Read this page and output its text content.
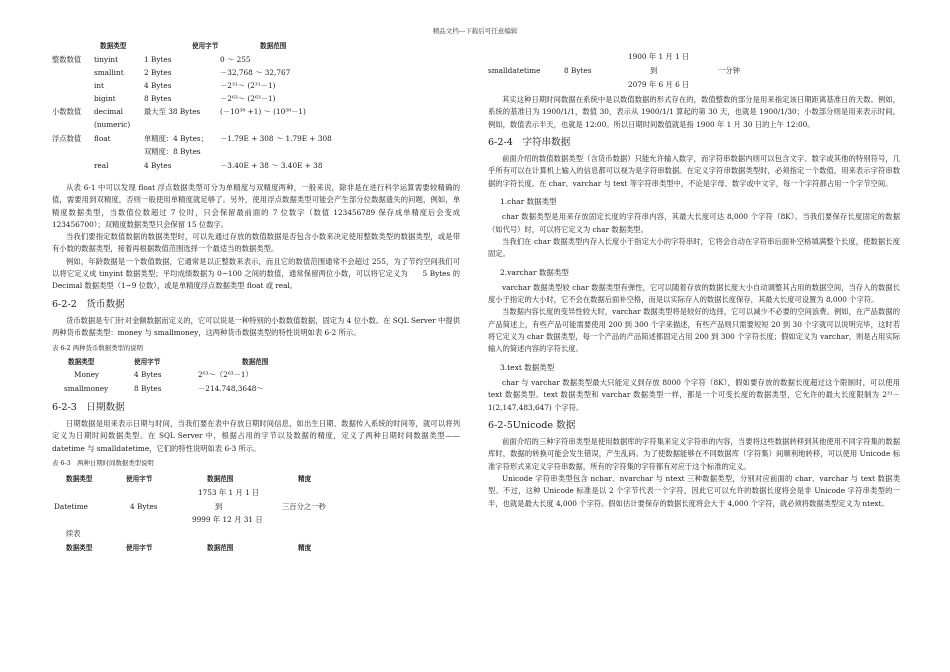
精品文档---下载后可任意编辑
数据类型	使用字节	数据范围
整数数值 tinyint	1 Bytes	0 ～ 255
smallint	2 Bytes	－32,768 ～ 32,767
int	4 Bytes	－2³¹～ (2³¹－1)
bigint	8 Bytes	－2⁶³～ (2⁶³－1)
小数数值 decimal	最大至 38 Bytes	(－10³⁸ +1) ～ (10³⁸－1)
(numeric)
浮点数值 float	单精度：4 Bytes； －1.79E + 308 ～ 1.79E + 308
双精度：8 Bytes
real	4 Bytes	－3.40E + 38 ～ 3.40E + 38

从表 6-1 中可以发现 float 浮点数据类型可分为单精度与双精度两种，一般来说，除非是在进行科学运算需要较精确的值，需要用到双精度，否则一般使用单精度就足够了。另外，使用浮点数据类型可能会产生部分位数据遗失的问题，例如，单精度数据类型，当数值位数超过 7 位时，只会保留最前面的 7 位数字（数值 123456789 保存成单精度后会变成 123456700）；双精度数据类型只会保留 15 位数字。

当我们要指定数值数据的数据类型时，可以先通过存放的数值数据是否包含小数来决定使用整数类型的数据类型，或是带有小数的数据类型，接着再根据数值范围选择一个最适当的数据类型。

例如，年龄数据是一个数值数据，它通常是以正整数来表示，而且它的数值范围通常不会超过 255，为了节约空间我们可以将它定义成 tinyint 数据类型；平均成绩数据为 0~100 之间的数值，通常保留两位小数，可以将它定义为　　5 Bytes 的 Decimal 数据类型（1~9 位数），或是单精度浮点数据类型 float 或 real。

6-2-2　货币数据

货币数据是专门针对金额数据而定义的，它可以说是一种特别的小数数值数据，固定为 4 位小数。在 SQL Server 中提供两种货币数据类型：money 与 smallmoney，这两种货币数据类型的特性说明如表 6-2 所示。

表 6-2 两种货币数据类型的说明
数据类型	使用字节	数据范围
Money	4 Bytes	2⁶³～（2⁶³－1）
smallmoney	8 Bytes	－214.748,3648～
6-2-3　日期数据

日期数据是用来表示日期与时间，当我们要在表中存放日期时间信息，如出生日期、数据传入系统的时间等，就可以将列定义为日期时间数据类型。在 SQL Server 中，根据占用的字节以及数据的精度，定义了两种日期时间数据类型——datetime 与 smalldatetime，它们的特性说明如表 6-3 所示。

表 6-3　两种日期时间数据类型说明
数据类型	使用字节	数据范围	精度
1753 年 1 月 1 日
Datetime	4 Bytes	到	三百分之一秒
9999 年 12 月 31 日
续表
数据类型	使用字节	数据范围	精度
1900 年 1 月 1 日
smalldatetime	8 Bytes	到	一分钟
2079 年 6 月 6 日

其实这种日期时间数据在系统中是以数值数据的形式存在的，数值整数的部分是用来指定该日期距离基准日的天数。例如，系统的基准日为 1900/1/1，数值 30，表示从 1900/1/1 算起的第 30 天，也就是 1900/1/30；小数部分则是用来表示时间，例如，数值表示半天，也就是 12:00。所以日期时间数值就是指 1900 年 1 月 30 日的上午 12:00。

6-2-4　字符串数据

前面介绍的数值数据类型（含货币数据）只能允许输入数字，而字符串数据内则可以包含文字、数字或其他的特别符号，几乎所有可以在计算机上输入的信息都可以视为是字符串数据。在定义字符串数据类型时，必须指定一个数值，用来表示字符串数据的字符长度。在 char、varchar 与 text 等字符串类型中，不论是字母、数字或中文字，每一个字符都占用一个字节空间。

1.char 数据类型

char 数据类型是用来存放固定长度的字符串内容，其最大长度可达 8,000 个字符（8K）。当我们要保存长度固定的数据（如代号）时，可以将它定义为 char 数据类型。

当我们在 char 数据类型内存入长度小于指定大小的字符串时，它将会自动在字符串后面补空格填满整个长度，使数据长度固定。

2.varchar 数据类型

varchar 数据类型较 char 数据类型有弹性，它可以随着存放的数据长度大小自动调整其占用的数据空间，当存入的数据长度小于指定的大小时，它不会在数据后面补空格，而是以实际存入的数据长度保存，其最大长度可设置为 8,000 个字符。

当数据内容长度的变异性较大时，varchar 数据类型将是较好的选择，它可以减少不必要的空间浪费。例如，在产品数据的产品简述上，有些产品可能需要使用 200 到 300 个字来描述，有些产品则只需要短短 20 到 30 个字就可以说明完毕，这时若将它定义为 char 数据类型，每一个产品的产品简述都固定占用 200 到 300 个字符长度；假如定义为 varchar，则是占用实际输入的简述内容的字符长度。

3.text 数据类型

char 与 varchar 数据类型最大只能定义到存放 8000 个字符（8K），假如要存放的数据长度超过这个限制时，可以使用 text 数据类型。text 数据类型和 varchar 数据类型一样，都是一个可变长度的数据类型，它允许的最大长度限制为 2³¹－1(2,147,483,647) 个字符。

6-2-5Unicode 数据

前面介绍的三种字符串类型是使用数据库的字符集来定义字符串的内容，当要将这些数据转移到其他使用不同字符集的数据库时，数据的转换可能会发生错误，产生乱码。为了使数据能够在不同数据库（字符集）间顺利地转移，可以使用 Unicode 标准字符形式来定义字符串数据，所有的字符集的字符都有对应于这个标准的定义。

Unicode 字符串类型包含 nchar、nvarchar 与 ntext 三种数据类型，分别对应前面的 char、varchar 与 text 数据类型。不过，这种 Unicode 标准是以 2 个字节代表一个字符，因此它可以允许的数据长度将会是非 Unicode 字符串类型的一半，也就是最大长度 4,000 个字符。假如估计要保存的数据长度将会大于 4,000 个字符，就必须将数据类型定义为 ntext。
